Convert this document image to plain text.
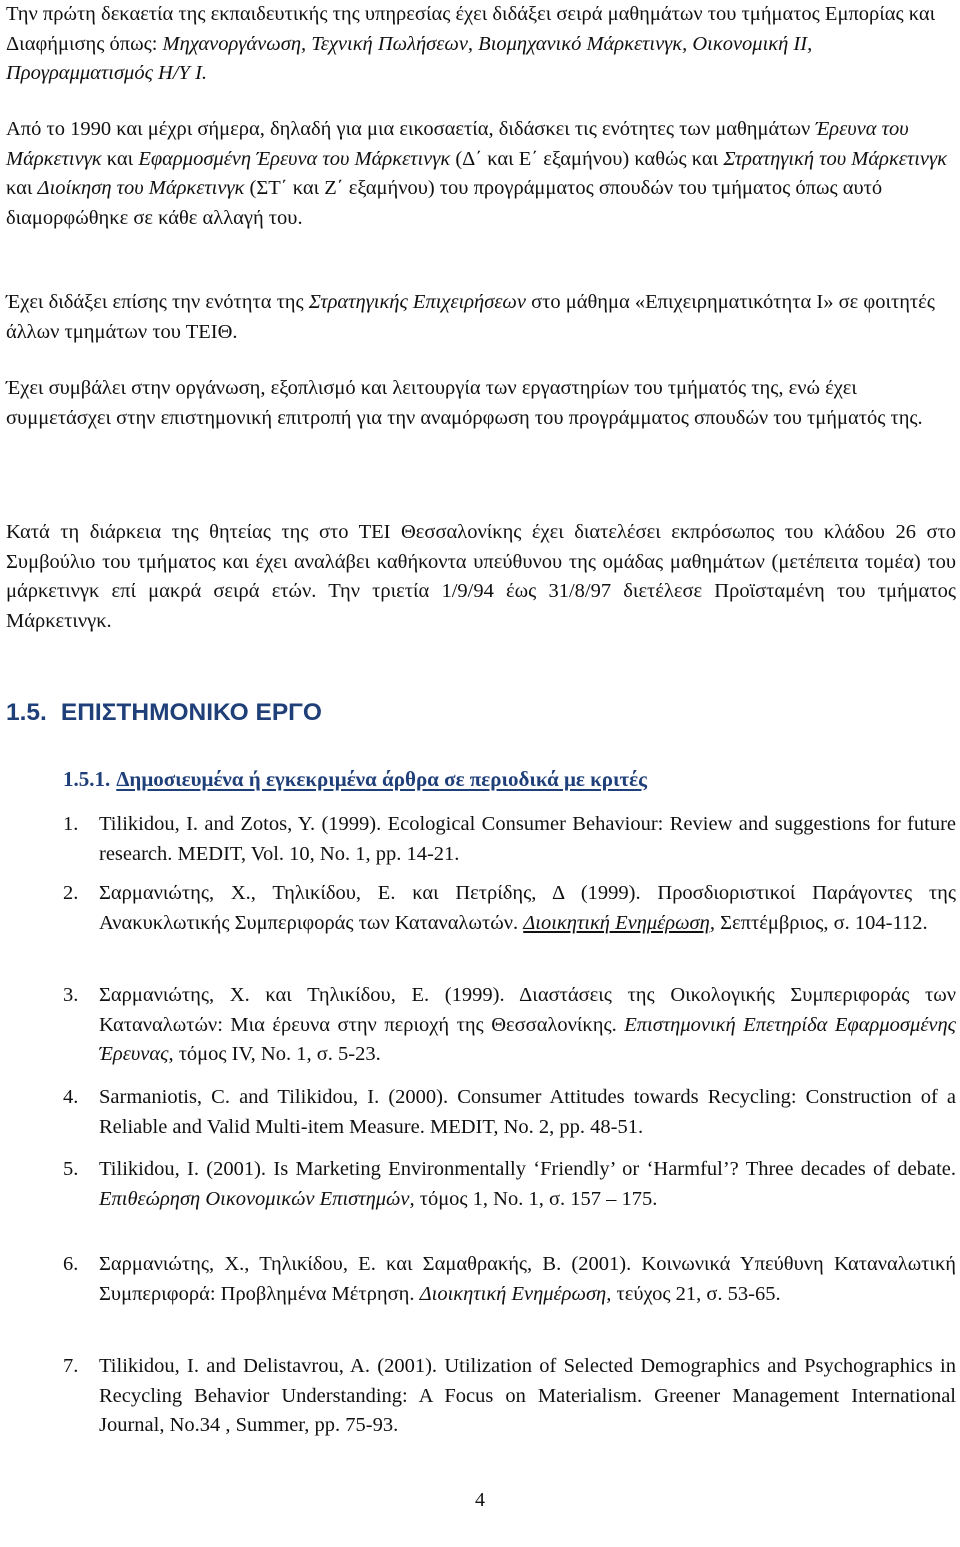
Την πρώτη δεκαετία της εκπαιδευτικής της υπηρεσίας έχει διδάξει σειρά μαθημάτων του τμήματος Εμπορίας και Διαφήμισης όπως: Μηχανοργάνωση, Τεχνική Πωλήσεων, Βιομηχανικό Μάρκετινγκ, Οικονομική ΙΙ, Προγραμματισμός Η/Υ Ι.

Από το 1990 και μέχρι σήμερα, δηλαδή για μια εικοσαετία, διδάσκει τις ενότητες των μαθημάτων Έρευνα του Μάρκετινγκ και Εφαρμοσμένη Έρευνα του Μάρκετινγκ (Δ΄ και Ε΄ εξαμήνου) καθώς και Στρατηγική του Μάρκετινγκ και Διοίκηση του Μάρκετινγκ (ΣΤ΄ και Ζ΄ εξαμήνου) του προγράμματος σπουδών του τμήματος όπως αυτό διαμορφώθηκε σε κάθε αλλαγή του.

Έχει διδάξει επίσης την ενότητα της Στρατηγικής Επιχειρήσεων στο μάθημα «Επιχειρηματικότητα Ι» σε φοιτητές άλλων τμημάτων του ΤΕΙΘ.

Έχει συμβάλει στην οργάνωση, εξοπλισμό και λειτουργία των εργαστηρίων του τμήματός της, ενώ έχει συμμετάσχει στην επιστημονική επιτροπή για την αναμόρφωση του προγράμματος σπουδών του τμήματός της.

Κατά τη διάρκεια της θητείας της στο ΤΕΙ Θεσσαλονίκης έχει διατελέσει εκπρόσωπος του κλάδου 26 στο Συμβούλιο του τμήματος και έχει αναλάβει καθήκοντα υπεύθυνου της ομάδας μαθημάτων (μετέπειτα τομέα) του μάρκετινγκ επί μακρά σειρά ετών. Την τριετία 1/9/94 έως 31/8/97 διετέλεσε Προϊσταμένη του τμήματος Μάρκετινγκ.

1.5. ΕΠΙΣΤΗΜΟΝΙΚΟ ΕΡΓΟ
1.5.1. Δημοσιευμένα ή εγκεκριμένα άρθρα σε περιοδικά με κριτές
1.	Tilikidou, I. and Zotos, Y. (1999). Ecological Consumer Behaviour: Review and suggestions for future research. MEDIT, Vol. 10, No. 1, pp. 14-21.
2.	Σαρμανιώτης, Χ., Τηλικίδου, Ε. και Πετρίδης, Δ (1999). Προσδιοριστικοί Παράγοντες της Ανακυκλωτικής Συμπεριφοράς των Καταναλωτών. Διοικητική Ενημέρωση, Σεπτέμβριος, σ. 104-112.
3.	Σαρμανιώτης, Χ. και Τηλικίδου, Ε. (1999). Διαστάσεις της Οικολογικής Συμπεριφοράς των Καταναλωτών: Μια έρευνα στην περιοχή της Θεσσαλονίκης. Επιστημονική Επετηρίδα Εφαρμοσμένης Έρευνας, τόμος IV, No. 1, σ. 5-23.
4.	Sarmaniotis, C. and Tilikidou, I. (2000). Consumer Attitudes towards Recycling: Construction of a Reliable and Valid Multi-item Measure. MEDIT, No. 2, pp. 48-51.
5.	Tilikidou, I. (2001). Is Marketing Environmentally ‘Friendly’ or ‘Harmful’? Three decades of debate. Επιθεώρηση Οικονομικών Επιστημών, τόμος 1, No. 1, σ. 157 – 175.
6.	Σαρμανιώτης, Χ., Τηλικίδου, Ε. και Σαμαθρακής, Β. (2001). Κοινωνικά Υπεύθυνη Καταναλωτική Συμπεριφορά: Προβλημένα Μέτρηση. Διοικητική Ενημέρωση, τεύχος 21, σ. 53-65.
7.	Tilikidou, I. and Delistavrou, A. (2001). Utilization of Selected Demographics and Psychographics in Recycling Behavior Understanding: A Focus on Materialism. Greener Management International Journal, No.34 , Summer, pp. 75-93.
4
